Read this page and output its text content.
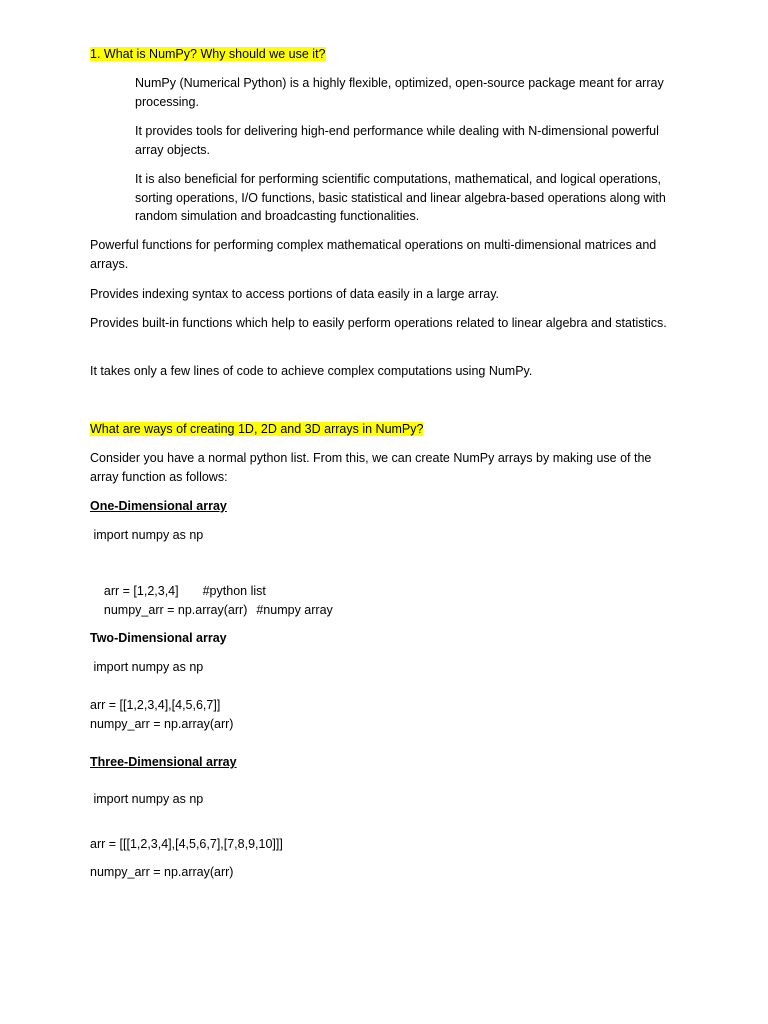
1. What is NumPy? Why should we use it?

NumPy (Numerical Python) is a highly flexible, optimized, open-source package meant for array processing.

It provides tools for delivering high-end performance while dealing with N-dimensional powerful array objects.

It is also beneficial for performing scientific computations, mathematical, and logical operations, sorting operations, I/O functions, basic statistical and linear algebra-based operations along with random simulation and broadcasting functionalities.

Powerful functions for performing complex mathematical operations on multi-dimensional matrices and arrays.

Provides indexing syntax to access portions of data easily in a large array.

Provides built-in functions which help to easily perform operations related to linear algebra and statistics.

It takes only a few lines of code to achieve complex computations using NumPy.

What are ways of creating 1D, 2D and 3D arrays in NumPy?

Consider you have a normal python list. From this, we can create NumPy arrays by making use of the array function as follows:

One-Dimensional array
import numpy as np

arr = [1,2,3,4] #python list

numpy_arr = np.array(arr) #numpy array

Two-Dimensional array
import numpy as np
arr = [[1,2,3,4],[4,5,6,7]]
numpy_arr = np.array(arr)
Three-Dimensional array
import numpy as np
arr = [[[1,2,3,4],[4,5,6,7],[7,8,9,10]]]
numpy_arr = np.array(arr)
